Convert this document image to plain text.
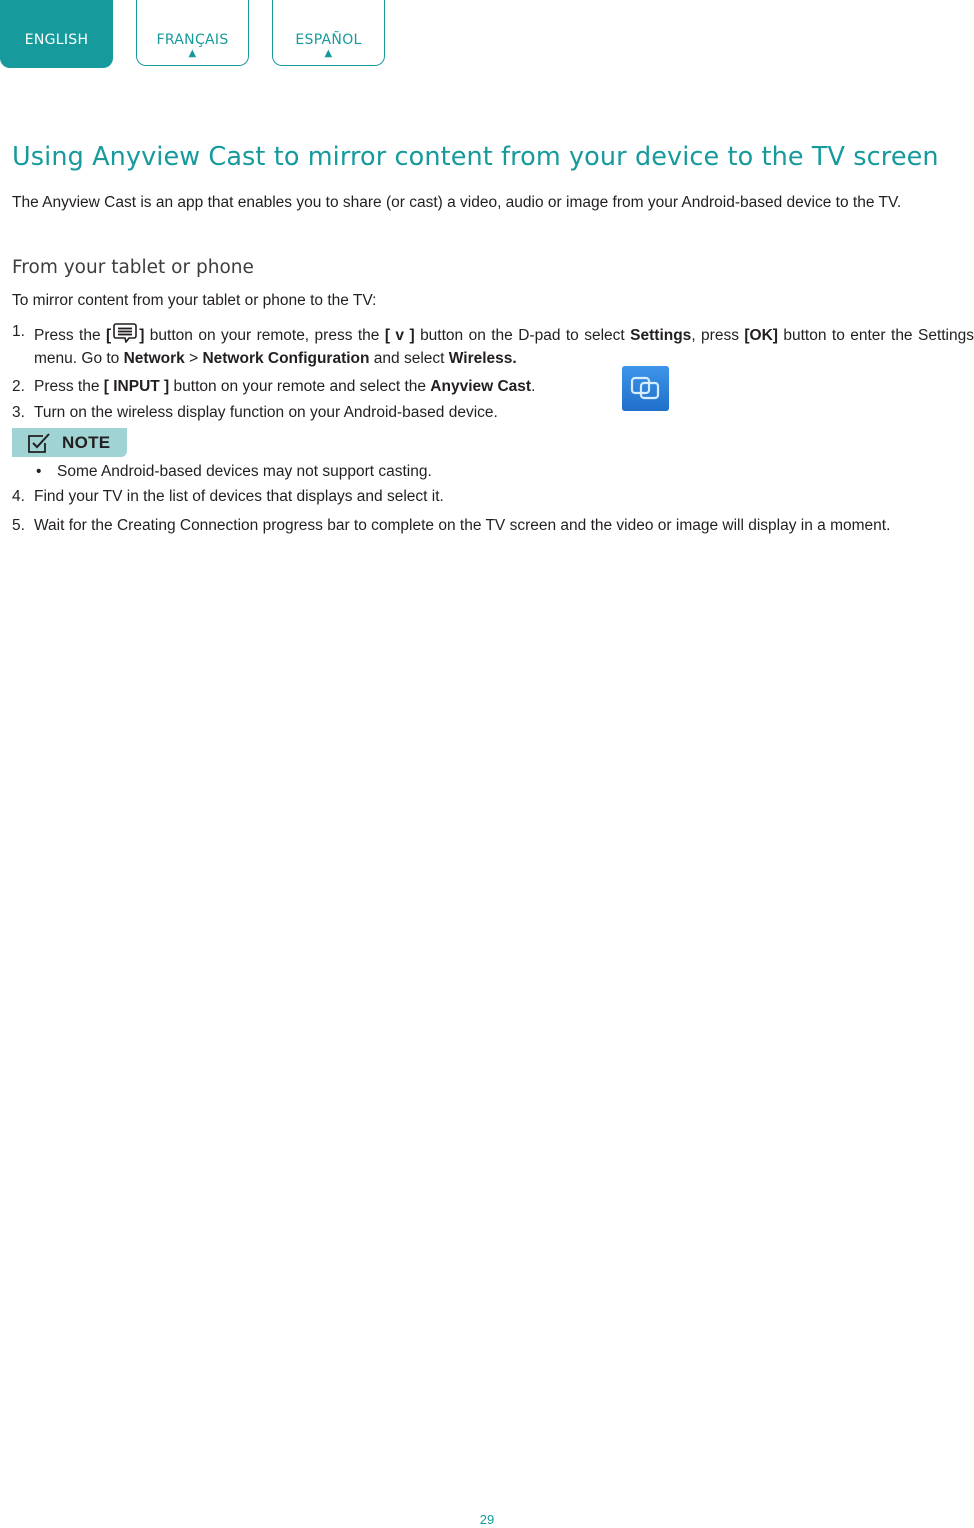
ENGLISH	FRANÇAIS
▲
ESPAÑOL
▲
Using Anyview Cast to mirror content from your device to the TV screen

The Anyview Cast is an app that enables you to share (or cast) a video, audio or image from your Android-based device to the TV.

From your tablet or phone

To mirror content from your tablet or phone to the TV:

1. Press the [ ] button on your remote, press the [ v ] button on the D-pad to select Settings, press [OK] button to enter the Settings menu. Go to Network > Network Configuration and select Wireless.
2. Press the [ INPUT ] button on your remote and select the Anyview Cast.
3. Turn on the wireless display function on your Android-based device.
NOTE
• Some Android-based devices may not support casting.
4. Find your TV in the list of devices that displays and select it.
5. Wait for the Creating Connection progress bar to complete on the TV screen and the video or image will display in a moment.
29
